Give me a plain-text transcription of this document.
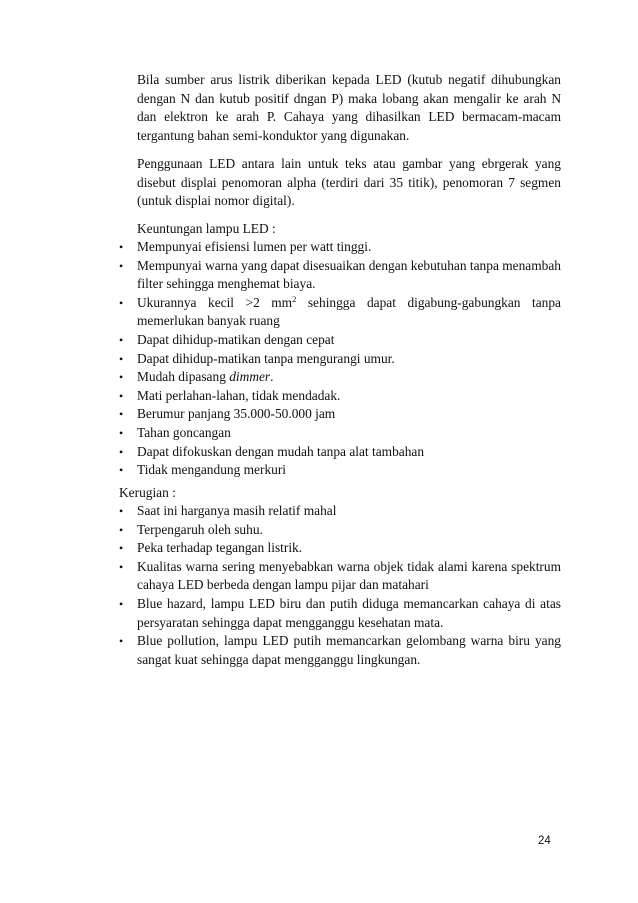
Bila sumber arus listrik diberikan kepada LED (kutub negatif dihubungkan dengan N dan kutub positif dngan P) maka lobang akan mengalir ke arah N dan elektron ke arah P. Cahaya yang dihasilkan LED bermacam-macam tergantung bahan semi-konduktor yang digunakan.

Penggunaan LED antara lain untuk teks atau gambar yang ebrgerak yang disebut displai penomoran alpha (terdiri dari 35 titik), penomoran 7 segmen (untuk displai nomor digital).

Keuntungan lampu LED :

•	Mempunyai efisiensi lumen per watt tinggi.
•	Mempunyai warna yang dapat disesuaikan dengan kebutuhan tanpa menambah filter sehingga menghemat biaya.
•	Ukurannya kecil >2 $mm^2$ sehingga dapat digabung-gabungkan tanpa memerlukan banyak ruang
•	Dapat dihidup-matikan dengan cepat
•	Dapat dihidup-matikan tanpa mengurangi umur.
•	Mudah dipasang dimmer.
•	Mati perlahan-lahan, tidak mendadak.
•	Berumur panjang 35.000-50.000 jam
•	Tahan goncangan
•	Dapat difokuskan dengan mudah tanpa alat tambahan
•	Tidak mengandung merkuri

Kerugian :

•	Saat ini harganya masih relatif mahal
•	Terpengaruh oleh suhu.
•	Peka terhadap tegangan listrik.
•	Kualitas warna sering menyebabkan warna objek tidak alami karena spektrum cahaya LED berbeda dengan lampu pijar dan matahari
•	Blue hazard, lampu LED biru dan putih diduga memancarkan cahaya di atas persyaratan sehingga dapat mengganggu kesehatan mata.
•	Blue pollution, lampu LED putih memancarkan gelombang warna biru yang sangat kuat sehingga dapat mengganggu lingkungan.
24
